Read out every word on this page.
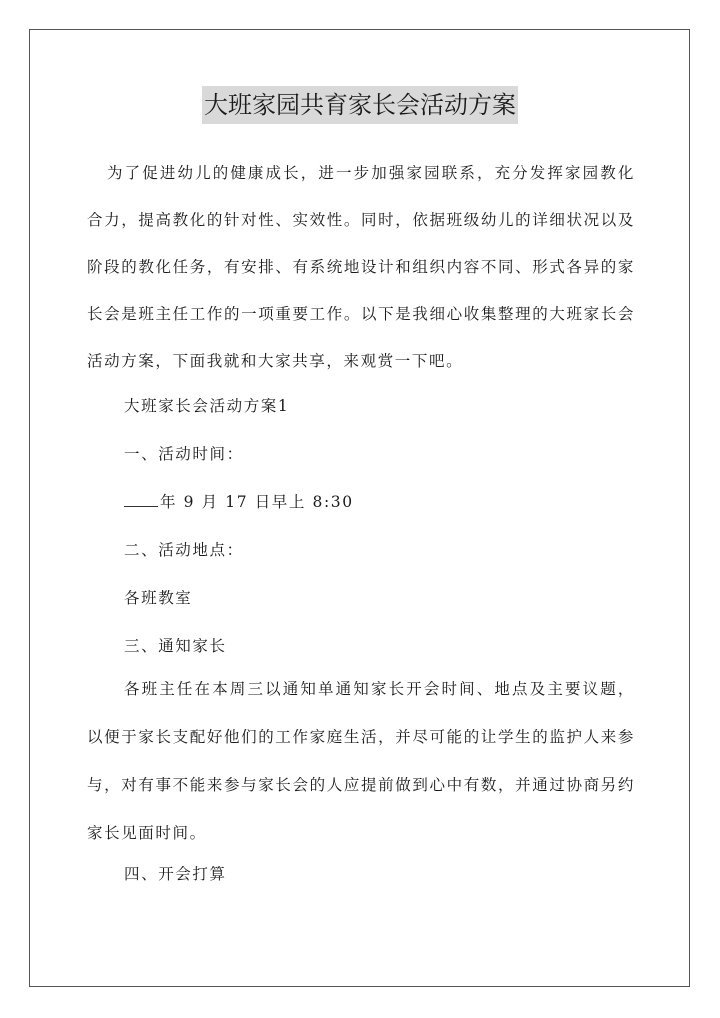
大班家园共育家长会活动方案
为了促进幼儿的健康成长，进一步加强家园联系，充分发挥家园教化合力，提高教化的针对性、实效性。同时，依据班级幼儿的详细状况以及阶段的教化任务，有安排、有系统地设计和组织内容不同、形式各异的家长会是班主任工作的一项重要工作。以下是我细心收集整理的大班家长会活动方案，下面我就和大家共享，来观赏一下吧。
大班家长会活动方案1
一、活动时间：
年 9 月 17 日早上 8:30
二、活动地点：
各班教室
三、通知家长
各班主任在本周三以通知单通知家长开会时间、地点及主要议题，以便于家长支配好他们的工作家庭生活，并尽可能的让学生的监护人来参与，对有事不能来参与家长会的人应提前做到心中有数，并通过协商另约家长见面时间。
四、开会打算
